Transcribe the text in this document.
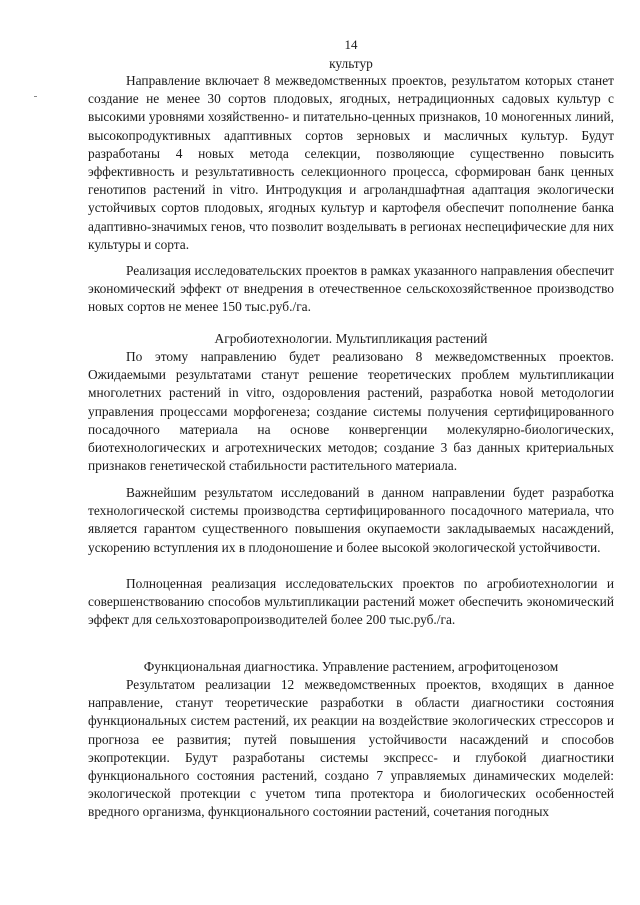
14
культур
Направление включает 8 межведомственных проектов, результатом которых станет создание не менее 30 сортов плодовых, ягодных, нетрадиционных садовых культур с высокими уровнями хозяйственно- и питательно-ценных признаков, 10 моногенных линий, высокопродуктивных адаптивных сортов зерновых и масличных культур. Будут разработаны 4 новых метода селекции, позволяющие существенно повысить эффективность и результативность селекционного процесса, сформирован банк ценных генотипов растений in vitro. Интродукция и агроландшафтная адаптация экологически устойчивых сортов плодовых, ягодных культур и картофеля обеспечит пополнение банка адаптивно-значимых генов, что позволит возделывать в регионах неспецифические для них культуры и сорта.
Реализация исследовательских проектов в рамках указанного направления обеспечит экономический эффект от внедрения в отечественное сельскохозяйственное производство новых сортов не менее 150 тыс.руб./га.
Агробиотехнологии. Мультипликация растений
По этому направлению будет реализовано 8 межведомственных проектов. Ожидаемыми результатами станут решение теоретических проблем мультипликации многолетних растений in vitro, оздоровления растений, разработка новой методологии управления процессами морфогенеза; создание системы получения сертифицированного посадочного материала на основе конвергенции молекулярно-биологических, биотехнологических и агротехнических методов; создание 3 баз данных критериальных признаков генетической стабильности растительного материала.
Важнейшим результатом исследований в данном направлении будет разработка технологической системы производства сертифицированного посадочного материала, что является гарантом существенного повышения окупаемости закладываемых насаждений, ускорению вступления их в плодоношение и более высокой экологической устойчивости.
Полноценная реализация исследовательских проектов по агробиотехнологии и совершенствованию способов мультипликации растений может обеспечить экономический эффект для сельхозтоваропроизводителей более 200 тыс.руб./га.
Функциональная диагностика. Управление растением, агрофитоценозом
Результатом реализации 12 межведомственных проектов, входящих в данное направление, станут теоретические разработки в области диагностики состояния функциональных систем растений, их реакции на воздействие экологических стрессоров и прогноза ее развития; путей повышения устойчивости насаждений и способов экопротекции. Будут разработаны системы экспресс- и глубокой диагностики функционального состояния растений, создано 7 управляемых динамических моделей: экологической протекции с учетом типа протектора и биологических особенностей вредного организма, функционального состоянии растений, сочетания погодных
